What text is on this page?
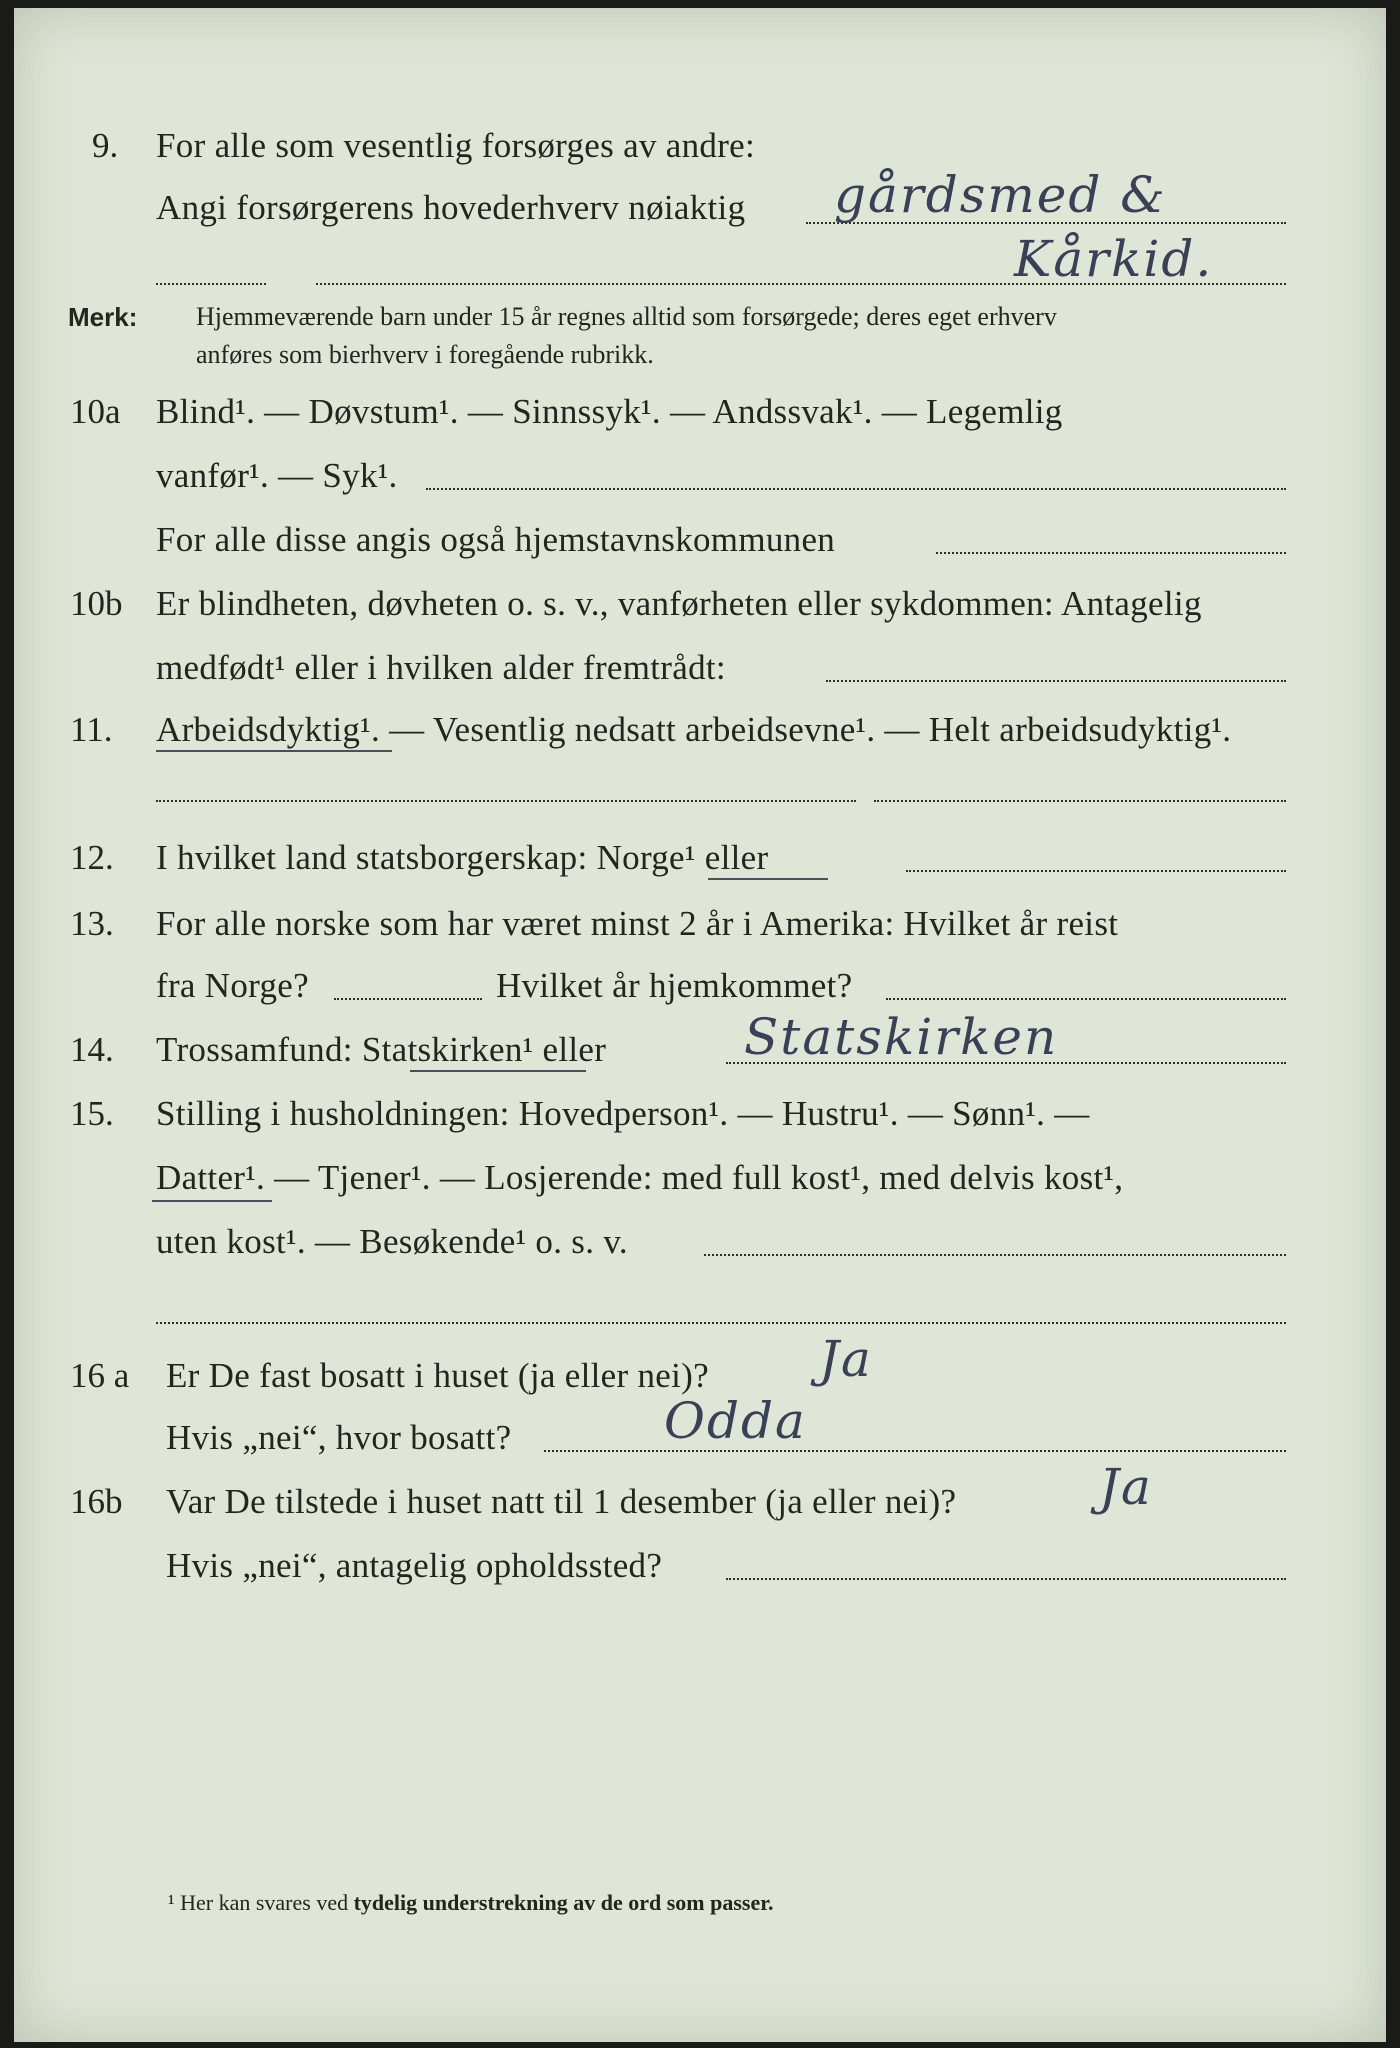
9. For alle som vesentlig forsørges av andre:
Angi forsørgerens hovederhverv nøiaktig gårdsmed &
Kårkid.
Merk: Hjemmeværende barn under 15 år regnes alltid som forsørgede; deres eget erhverv
anføres som bierhverv i foregående rubrikk.
10a Blind¹. — Døvstum¹. — Sinnssyk¹. — Andssvak¹. — Legemlig
vanfør¹. — Syk¹.
For alle disse angis også hjemstavnskommunen
10b Er blindheten, døvheten o. s. v., vanførheten eller sykdommen: Antagelig
medfødt¹ eller i hvilken alder fremtrådt:
11. Arbeidsdyktig¹. — Vesentlig nedsatt arbeidsevne¹. — Helt arbeidsudyktig¹.
12. I hvilket land statsborgerskap: Norge¹ eller
13. For alle norske som har været minst 2 år i Amerika: Hvilket år reist
fra Norge?	Hvilket år hjemkommet?
14. Trossamfund: Statskirken¹ eller	Statskirken
15. Stilling i husholdningen: Hovedperson¹. — Hustru¹. — Sønn¹. —
Datter¹. — Tjener¹. — Losjerende: med full kost¹, med delvis kost¹,
uten kost¹. — Besøkende¹ o. s. v.
16 a Er De fast bosatt i huset (ja eller nei)? Ja
Hvis „nei“, hvor bosatt?	Odda
16b Var De tilstede i huset natt til 1 desember (ja eller nei)?	Ja
Hvis „nei“, antagelig opholdssted?
¹ Her kan svares ved tydelig understrekning av de ord som passer.
